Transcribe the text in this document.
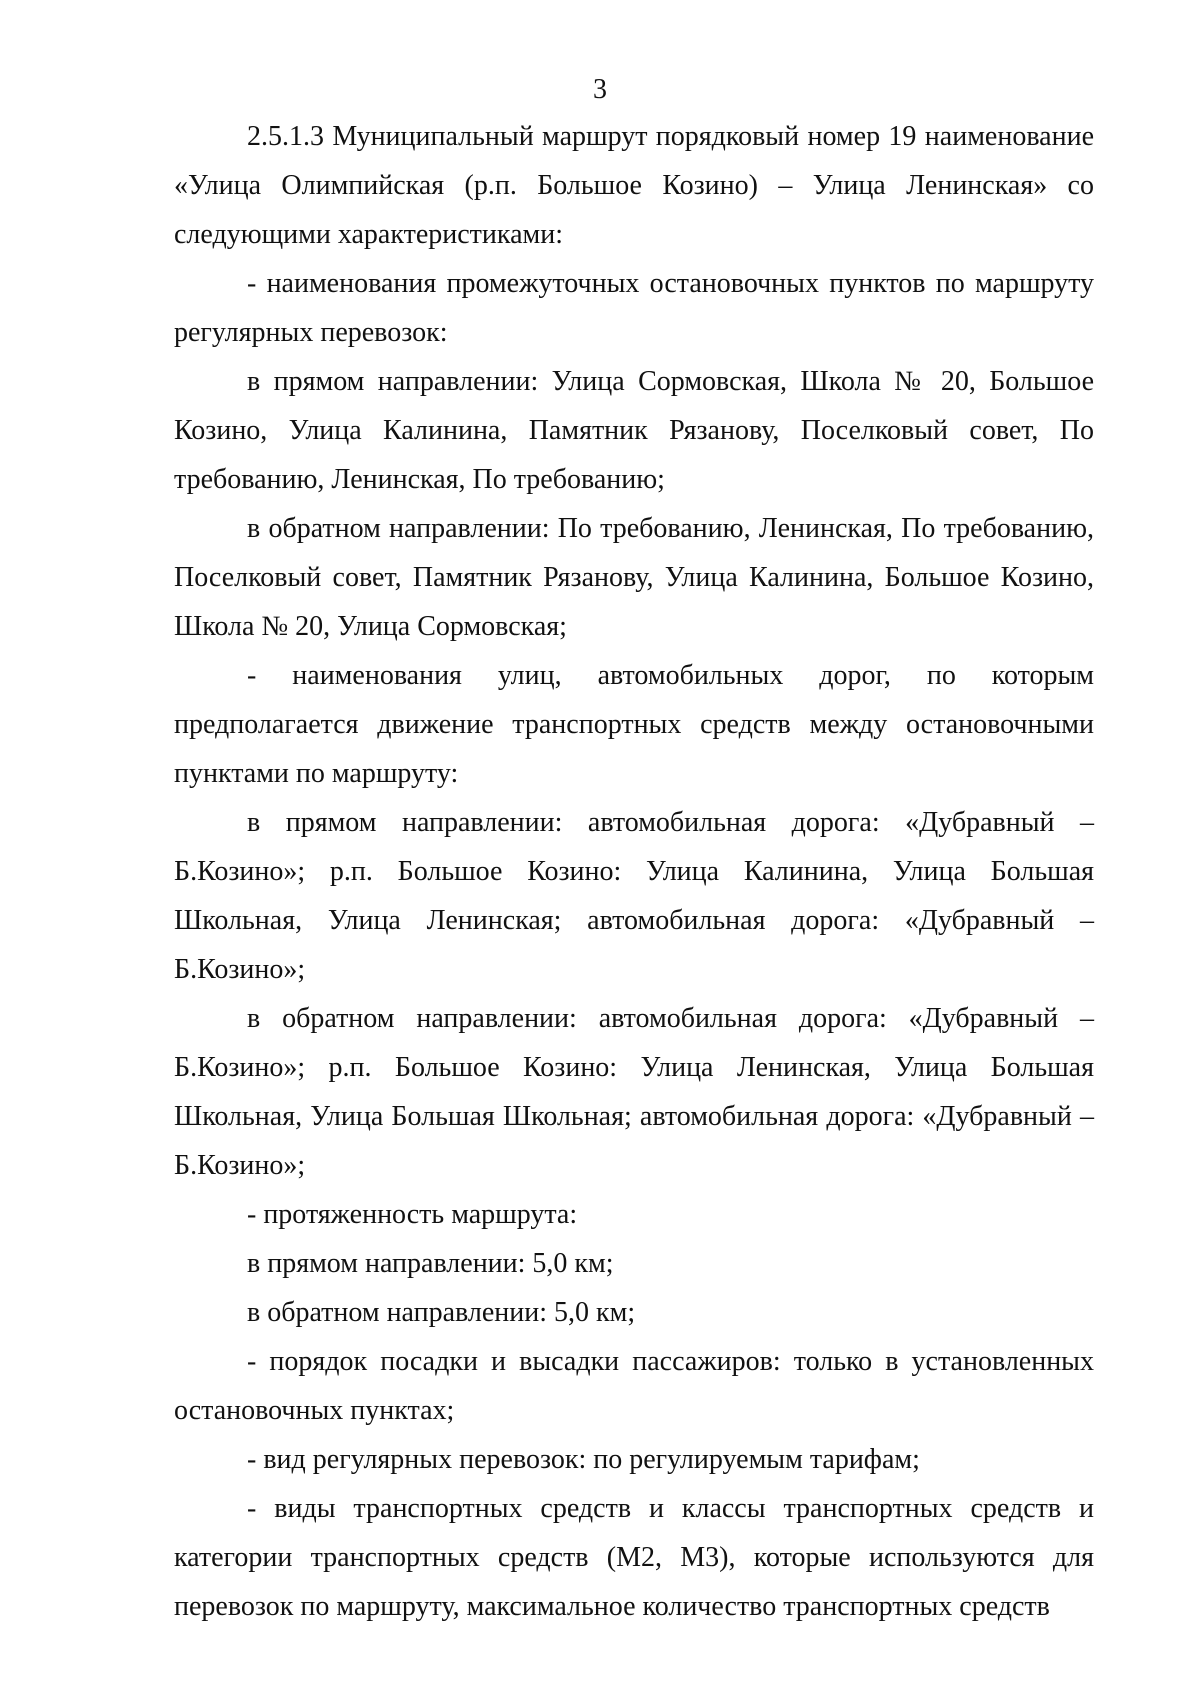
3

2.5.1.3 Муниципальный маршрут порядковый номер 19 наименование «Улица Олимпийская (р.п. Большое Козино) – Улица Ленинская» со следующими характеристиками:

- наименования промежуточных остановочных пунктов по маршруту регулярных перевозок:

в прямом направлении: Улица Сормовская, Школа № 20, Большое Козино, Улица Калинина, Памятник Рязанову, Поселковый совет, По требованию, Ленинская, По требованию;

в обратном направлении: По требованию, Ленинская, По требованию, Поселковый совет, Памятник Рязанову, Улица Калинина, Большое Козино, Школа № 20, Улица Сормовская;

- наименования улиц, автомобильных дорог, по которым предполагается движение транспортных средств между остановочными пунктами по маршруту:

в прямом направлении: автомобильная дорога: «Дубравный – Б.Козино»; р.п. Большое Козино: Улица Калинина, Улица Большая Школьная, Улица Ленинская; автомобильная дорога: «Дубравный – Б.Козино»;

в обратном направлении: автомобильная дорога: «Дубравный – Б.Козино»; р.п. Большое Козино: Улица Ленинская, Улица Большая Школьная, Улица Большая Школьная; автомобильная дорога: «Дубравный – Б.Козино»;

- протяженность маршрута:

в прямом направлении: 5,0 км;

в обратном направлении: 5,0 км;

- порядок посадки и высадки пассажиров: только в установленных остановочных пунктах;

- вид регулярных перевозок: по регулируемым тарифам;

- виды транспортных средств и классы транспортных средств и категории транспортных средств (М2, М3), которые используются для перевозок по маршруту, максимальное количество транспортных средств
